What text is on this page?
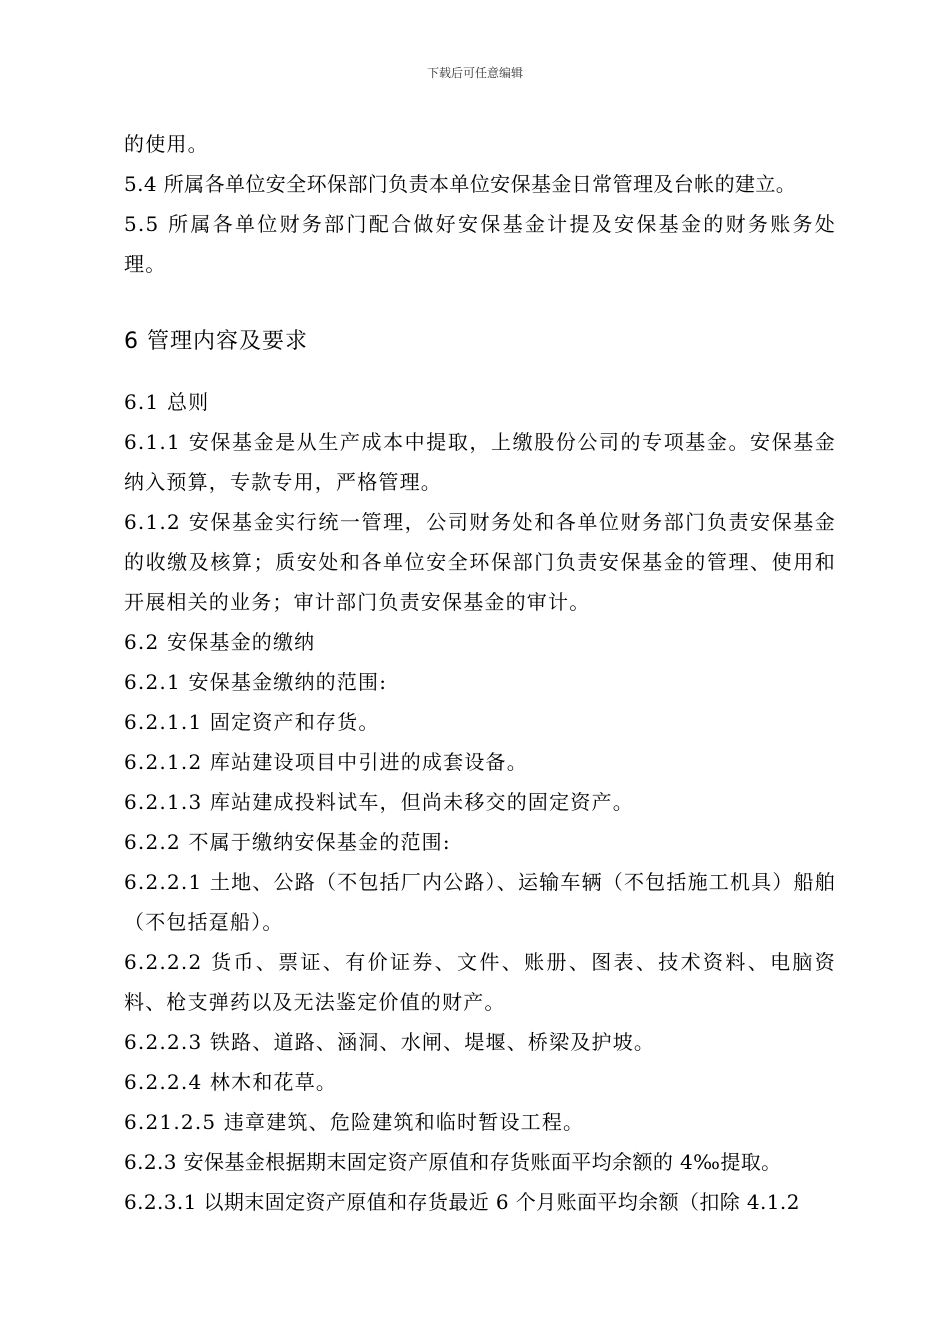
下载后可任意编辑

的使用。

5.4 所属各单位安全环保部门负责本单位安保基金日常管理及台帐的建立。

5.5 所属各单位财务部门配合做好安保基金计提及安保基金的财务账务处理。

6 管理内容及要求

6.1 总则

6.1.1 安保基金是从生产成本中提取，上缴股份公司的专项基金。安保基金纳入预算，专款专用，严格管理。

6.1.2 安保基金实行统一管理，公司财务处和各单位财务部门负责安保基金的收缴及核算；质安处和各单位安全环保部门负责安保基金的管理、使用和开展相关的业务；审计部门负责安保基金的审计。

6.2 安保基金的缴纳

6.2.1 安保基金缴纳的范围:

6.2.1.1 固定资产和存货。

6.2.1.2 库站建设项目中引进的成套设备。

6.2.1.3 库站建成投料试车，但尚未移交的固定资产。

6.2.2 不属于缴纳安保基金的范围:

6.2.2.1 土地、公路（不包括厂内公路）、运输车辆（不包括施工机具）船舶（不包括趸船）。

6.2.2.2 货币、票证、有价证券、文件、账册、图表、技术资料、电脑资料、枪支弹药以及无法鉴定价值的财产。

6.2.2.3 铁路、道路、涵洞、水闸、堤堰、桥梁及护坡。

6.2.2.4 林木和花草。

6.21.2.5 违章建筑、危险建筑和临时暂设工程。

6.2.3 安保基金根据期末固定资产原值和存货账面平均余额的 4‰提取。

6.2.3.1 以期末固定资产原值和存货最近 6 个月账面平均余额（扣除 4.1.2
